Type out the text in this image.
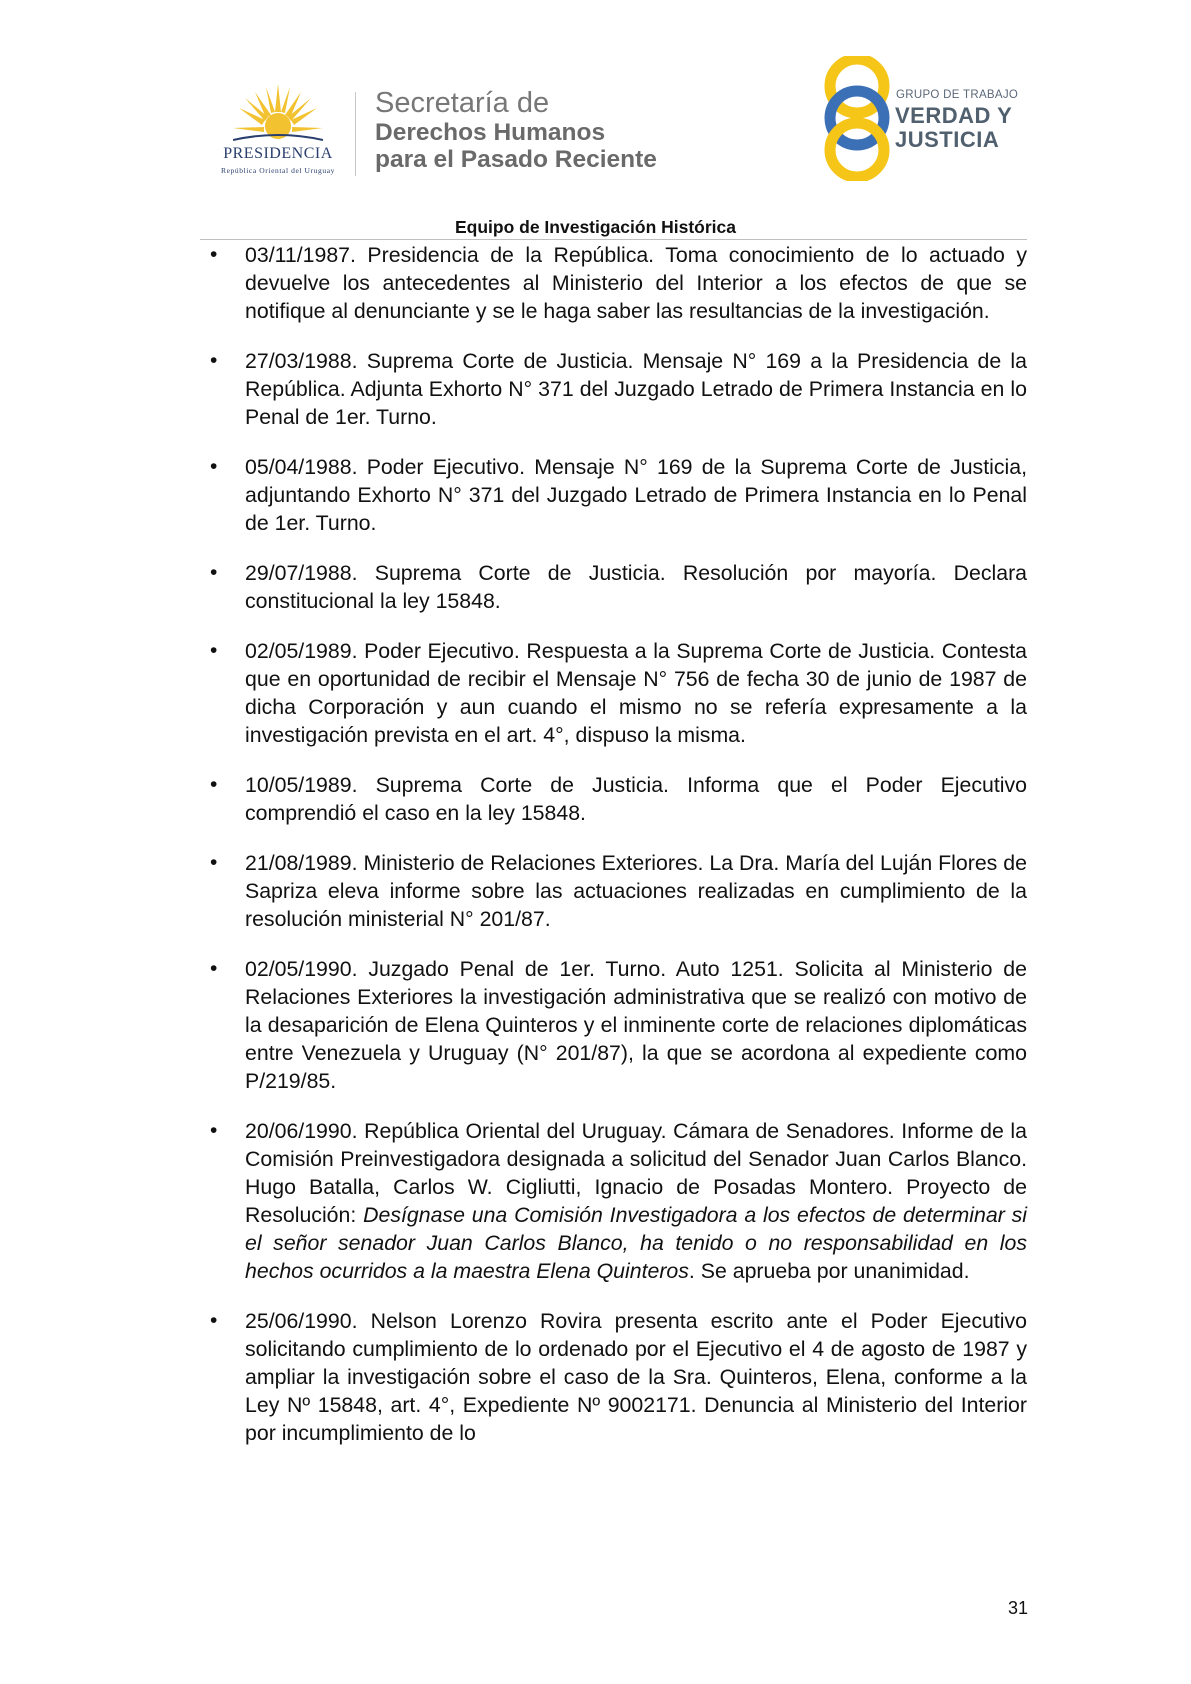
PRESIDENCIA
República Oriental del Uruguay
Secretaría de
Derechos Humanos
para el Pasado Reciente
GRUPO DE TRABAJO
VERDAD Y
JUSTICIA
Equipo de Investigación Histórica
• 03/11/1987. Presidencia de la República. Toma conocimiento de lo actuado y devuelve los antecedentes al Ministerio del Interior a los efectos de que se notifique al denunciante y se le haga saber las resultancias de la investigación.
• 27/03/1988. Suprema Corte de Justicia. Mensaje N° 169 a la Presidencia de la República. Adjunta Exhorto N° 371 del Juzgado Letrado de Primera Instancia en lo Penal de 1er. Turno.
• 05/04/1988. Poder Ejecutivo. Mensaje N° 169 de la Suprema Corte de Justicia, adjuntando Exhorto N° 371 del Juzgado Letrado de Primera Instancia en lo Penal de 1er. Turno.
• 29/07/1988. Suprema Corte de Justicia. Resolución por mayoría. Declara constitucional la ley 15848.
• 02/05/1989. Poder Ejecutivo. Respuesta a la Suprema Corte de Justicia. Contesta que en oportunidad de recibir el Mensaje N° 756 de fecha 30 de junio de 1987 de dicha Corporación y aun cuando el mismo no se refería expresamente a la investigación prevista en el art. 4°, dispuso la misma.
• 10/05/1989. Suprema Corte de Justicia. Informa que el Poder Ejecutivo comprendió el caso en la ley 15848.
• 21/08/1989. Ministerio de Relaciones Exteriores. La Dra. María del Luján Flores de Sapriza eleva informe sobre las actuaciones realizadas en cumplimiento de la resolución ministerial N° 201/87.
• 02/05/1990. Juzgado Penal de 1er. Turno. Auto 1251. Solicita al Ministerio de Relaciones Exteriores la investigación administrativa que se realizó con motivo de la desaparición de Elena Quinteros y el inminente corte de relaciones diplomáticas entre Venezuela y Uruguay (N° 201/87), la que se acordona al expediente como P/219/85.
• 20/06/1990. República Oriental del Uruguay. Cámara de Senadores. Informe de la Comisión Preinvestigadora designada a solicitud del Senador Juan Carlos Blanco. Hugo Batalla, Carlos W. Cigliutti, Ignacio de Posadas Montero. Proyecto de Resolución: Desígnase una Comisión Investigadora a los efectos de determinar si el señor senador Juan Carlos Blanco, ha tenido o no responsabilidad en los hechos ocurridos a la maestra Elena Quinteros. Se aprueba por unanimidad.
• 25/06/1990. Nelson Lorenzo Rovira presenta escrito ante el Poder Ejecutivo solicitando cumplimiento de lo ordenado por el Ejecutivo el 4 de agosto de 1987 y ampliar la investigación sobre el caso de la Sra. Quinteros, Elena, conforme a la Ley Nº 15848, art. 4°, Expediente Nº 9002171. Denuncia al Ministerio del Interior por incumplimiento de lo
31
